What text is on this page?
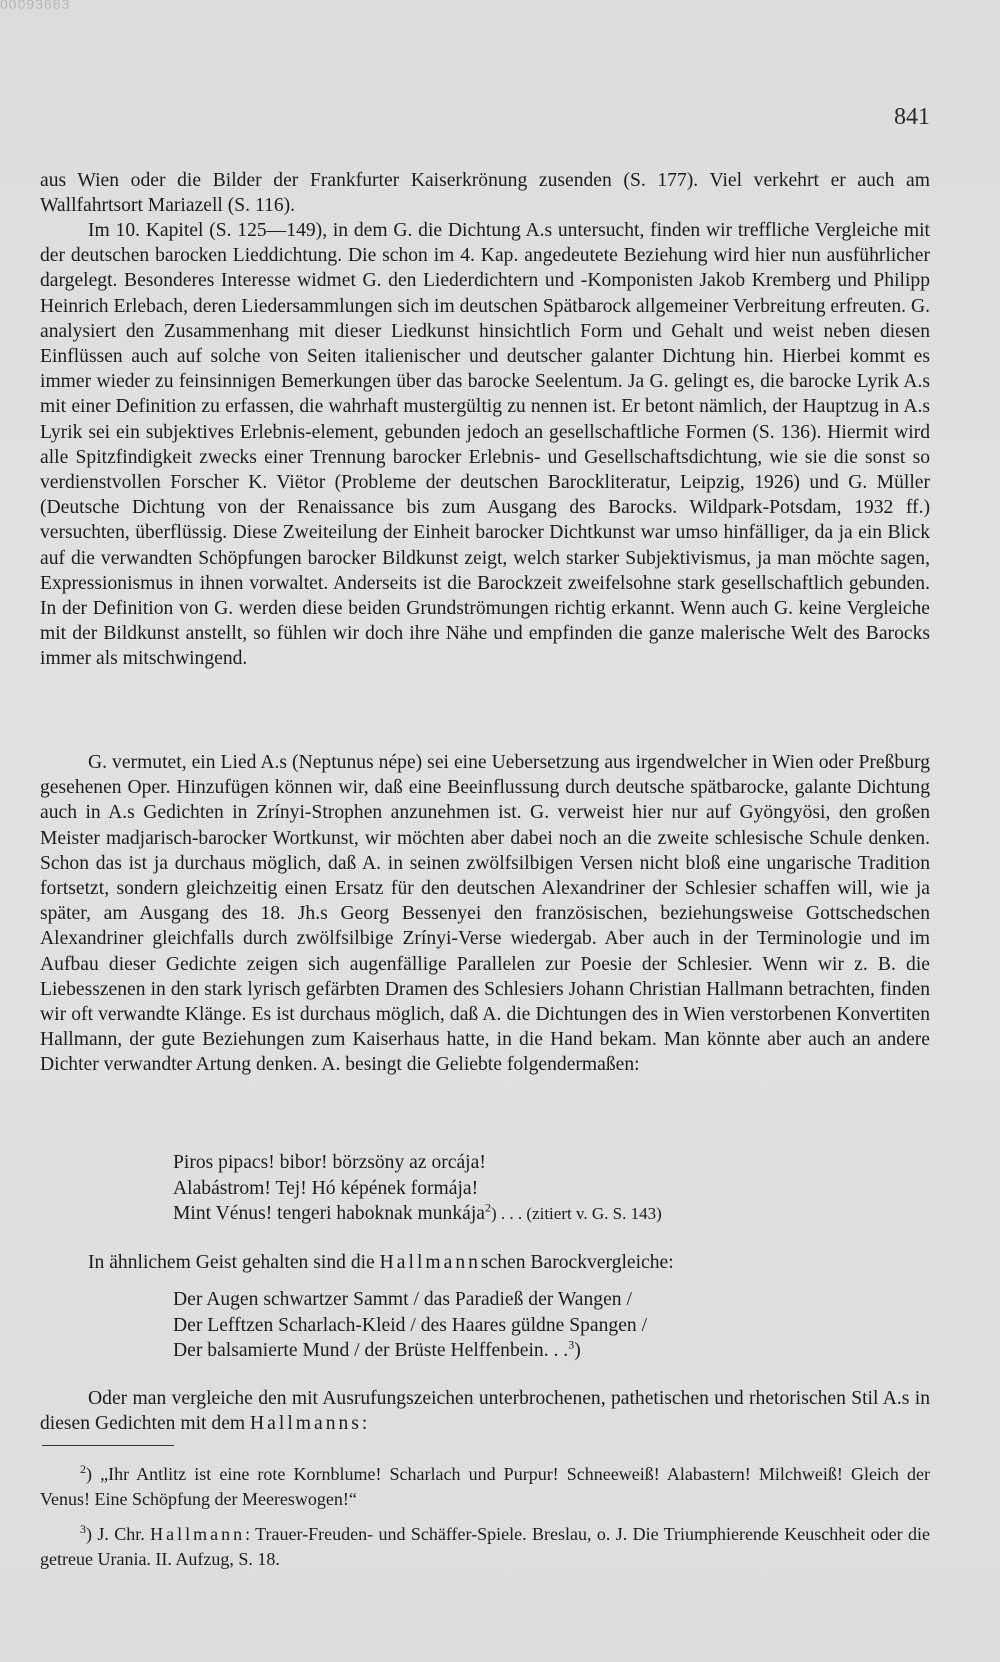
00093663
841

aus Wien oder die Bilder der Frankfurter Kaiserkrönung zusenden (S. 177). Viel verkehrt er auch am Wallfahrtsort Mariazell (S. 116).

Im 10. Kapitel (S. 125—149), in dem G. die Dichtung A.s untersucht, finden wir treffliche Vergleiche mit der deutschen barocken Lieddichtung. Die schon im 4. Kap. angedeutete Beziehung wird hier nun ausführlicher dargelegt. Besonderes Interesse widmet G. den Liederdichtern und -Komponisten Jakob Kremberg und Philipp Heinrich Erlebach, deren Liedersammlungen sich im deutschen Spätbarock allgemeiner Verbreitung erfreuten. G. analysiert den Zusammenhang mit dieser Liedkunst hinsichtlich Form und Gehalt und weist neben diesen Einflüssen auch auf solche von Seiten italienischer und deutscher galanter Dichtung hin. Hierbei kommt es immer wieder zu feinsinnigen Bemerkungen über das barocke Seelentum. Ja G. gelingt es, die barocke Lyrik A.s mit einer Definition zu erfassen, die wahrhaft mustergültig zu nennen ist. Er betont nämlich, der Hauptzug in A.s Lyrik sei ein subjektives Erlebnis-element, gebunden jedoch an gesellschaftliche Formen (S. 136). Hiermit wird alle Spitzfindigkeit zwecks einer Trennung barocker Erlebnis- und Gesellschaftsdichtung, wie sie die sonst so verdienstvollen Forscher K. Viëtor (Probleme der deutschen Barockliteratur, Leipzig, 1926) und G. Müller (Deutsche Dichtung von der Renaissance bis zum Ausgang des Barocks. Wildpark-Potsdam, 1932 ff.) versuchten, überflüssig. Diese Zweiteilung der Einheit barocker Dichtkunst war umso hinfälliger, da ja ein Blick auf die verwandten Schöpfungen barocker Bildkunst zeigt, welch starker Subjektivismus, ja man möchte sagen, Expressionismus in ihnen vorwaltet. Anderseits ist die Barockzeit zweifelsohne stark gesellschaftlich gebunden. In der Definition von G. werden diese beiden Grundströmungen richtig erkannt. Wenn auch G. keine Vergleiche mit der Bildkunst anstellt, so fühlen wir doch ihre Nähe und empfinden die ganze malerische Welt des Barocks immer als mitschwingend.

G. vermutet, ein Lied A.s (Neptunus népe) sei eine Uebersetzung aus irgendwelcher in Wien oder Preßburg gesehenen Oper. Hinzufügen können wir, daß eine Beeinflussung durch deutsche spätbarocke, galante Dichtung auch in A.s Gedichten in Zrínyi-Strophen anzunehmen ist. G. verweist hier nur auf Gyöngyösi, den großen Meister madjarisch-barocker Wortkunst, wir möchten aber dabei noch an die zweite schlesische Schule denken. Schon das ist ja durchaus möglich, daß A. in seinen zwölfsilbigen Versen nicht bloß eine ungarische Tradition fortsetzt, sondern gleichzeitig einen Ersatz für den deutschen Alexandriner der Schlesier schaffen will, wie ja später, am Ausgang des 18. Jh.s Georg Bessenyei den französischen, beziehungsweise Gottschedschen Alexandriner gleichfalls durch zwölfsilbige Zrínyi-Verse wiedergab. Aber auch in der Terminologie und im Aufbau dieser Gedichte zeigen sich augenfällige Parallelen zur Poesie der Schlesier. Wenn wir z. B. die Liebesszenen in den stark lyrisch gefärbten Dramen des Schlesiers Johann Christian Hallmann betrachten, finden wir oft verwandte Klänge. Es ist durchaus möglich, daß A. die Dichtungen des in Wien verstorbenen Konvertiten Hallmann, der gute Beziehungen zum Kaiserhaus hatte, in die Hand bekam. Man könnte aber auch an andere Dichter verwandter Artung denken. A. besingt die Geliebte folgendermaßen:

Piros pipacs! bibor! börzsöny az orcája!
Alabástrom! Tej! Hó képének formája!
Mint Vénus! tengeri haboknak munkája$^2$) . . . (zitiert v. G. S. 143)

In ähnlichem Geist gehalten sind die Hallmannschen Barockvergleiche:

Der Augen schwartzer Sammt / das Paradieß der Wangen /
Der Lefftzen Scharlach-Kleid / des Haares güldne Spangen /
Der balsamierte Mund / der Brüste Helffenbein. . .$^3$)

Oder man vergleiche den mit Ausrufungszeichen unterbrochenen, pathetischen und rhetorischen Stil A.s in diesen Gedichten mit dem Hallmanns:

$^2$) „Ihr Antlitz ist eine rote Kornblume! Scharlach und Purpur! Schneeweiß! Alabastern! Milchweiß! Gleich der Venus! Eine Schöpfung der Meereswogen!“

$^3$) J. Chr. Hallmann: Trauer-Freuden- und Schäffer-Spiele. Breslau, o. J. Die Triumphierende Keuschheit oder die getreue Urania. II. Aufzug, S. 18.
